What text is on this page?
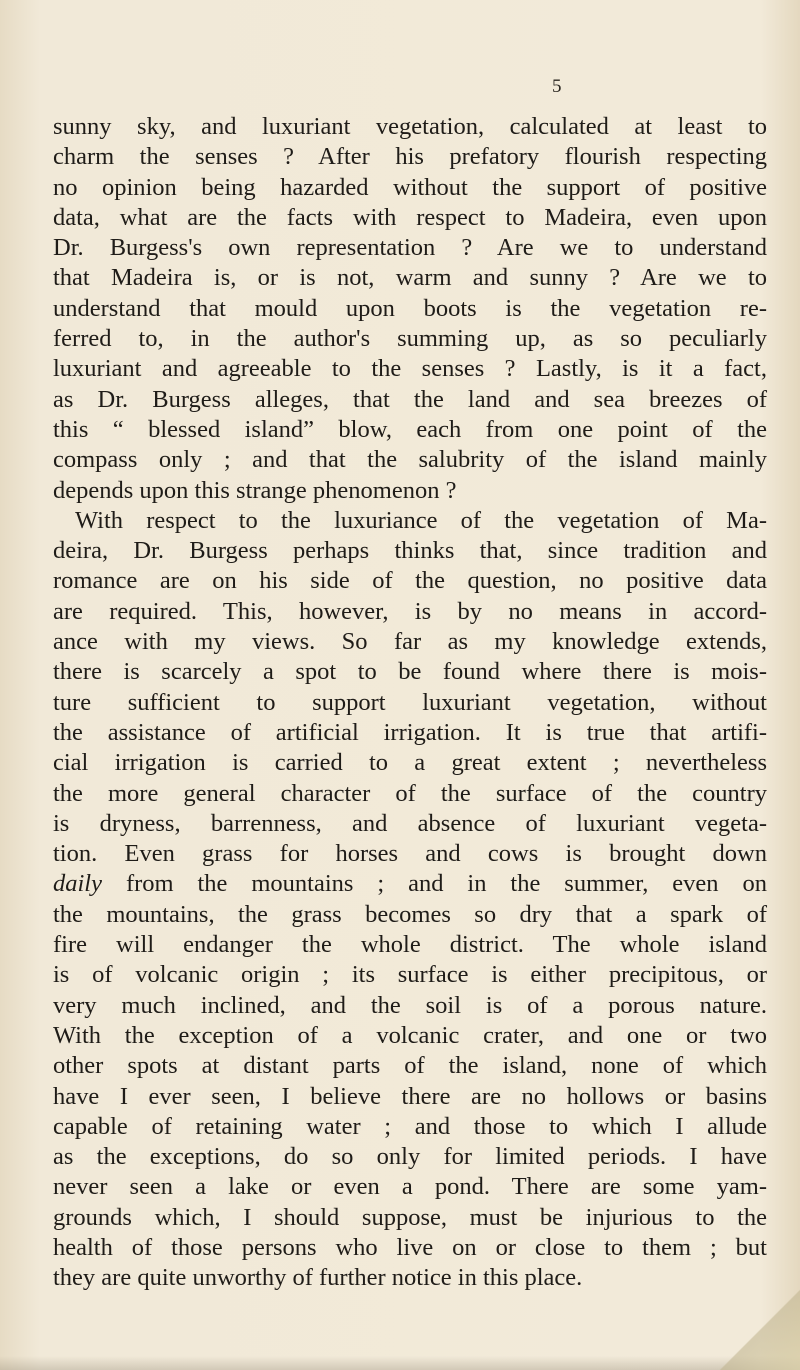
5
sunny sky, and luxuriant vegetation, calculated at least to
charm the senses ? After his prefatory flourish respecting
no opinion being hazarded without the support of positive
data, what are the facts with respect to Madeira, even upon
Dr. Burgess's own representation ? Are we to understand
that Madeira is, or is not, warm and sunny ? Are we to
understand that mould upon boots is the vegetation re-
ferred to, in the author's summing up, as so peculiarly
luxuriant and agreeable to the senses ? Lastly, is it a fact,
as Dr. Burgess alleges, that the land and sea breezes of
this “ blessed island” blow, each from one point of the
compass only ; and that the salubrity of the island mainly
depends upon this strange phenomenon ?
With respect to the luxuriance of the vegetation of Ma-
deira, Dr. Burgess perhaps thinks that, since tradition and
romance are on his side of the question, no positive data
are required. This, however, is by no means in accord-
ance with my views. So far as my knowledge extends,
there is scarcely a spot to be found where there is mois-
ture sufficient to support luxuriant vegetation, without
the assistance of artificial irrigation. It is true that artifi-
cial irrigation is carried to a great extent ; nevertheless
the more general character of the surface of the country
is dryness, barrenness, and absence of luxuriant vegeta-
tion. Even grass for horses and cows is brought down
daily from the mountains ; and in the summer, even on
the mountains, the grass becomes so dry that a spark of
fire will endanger the whole district. The whole island
is of volcanic origin ; its surface is either precipitous, or
very much inclined, and the soil is of a porous nature.
With the exception of a volcanic crater, and one or two
other spots at distant parts of the island, none of which
have I ever seen, I believe there are no hollows or basins
capable of retaining water ; and those to which I allude
as the exceptions, do so only for limited periods. I have
never seen a lake or even a pond. There are some yam-
grounds which, I should suppose, must be injurious to the
health of those persons who live on or close to them ; but
they are quite unworthy of further notice in this place.
